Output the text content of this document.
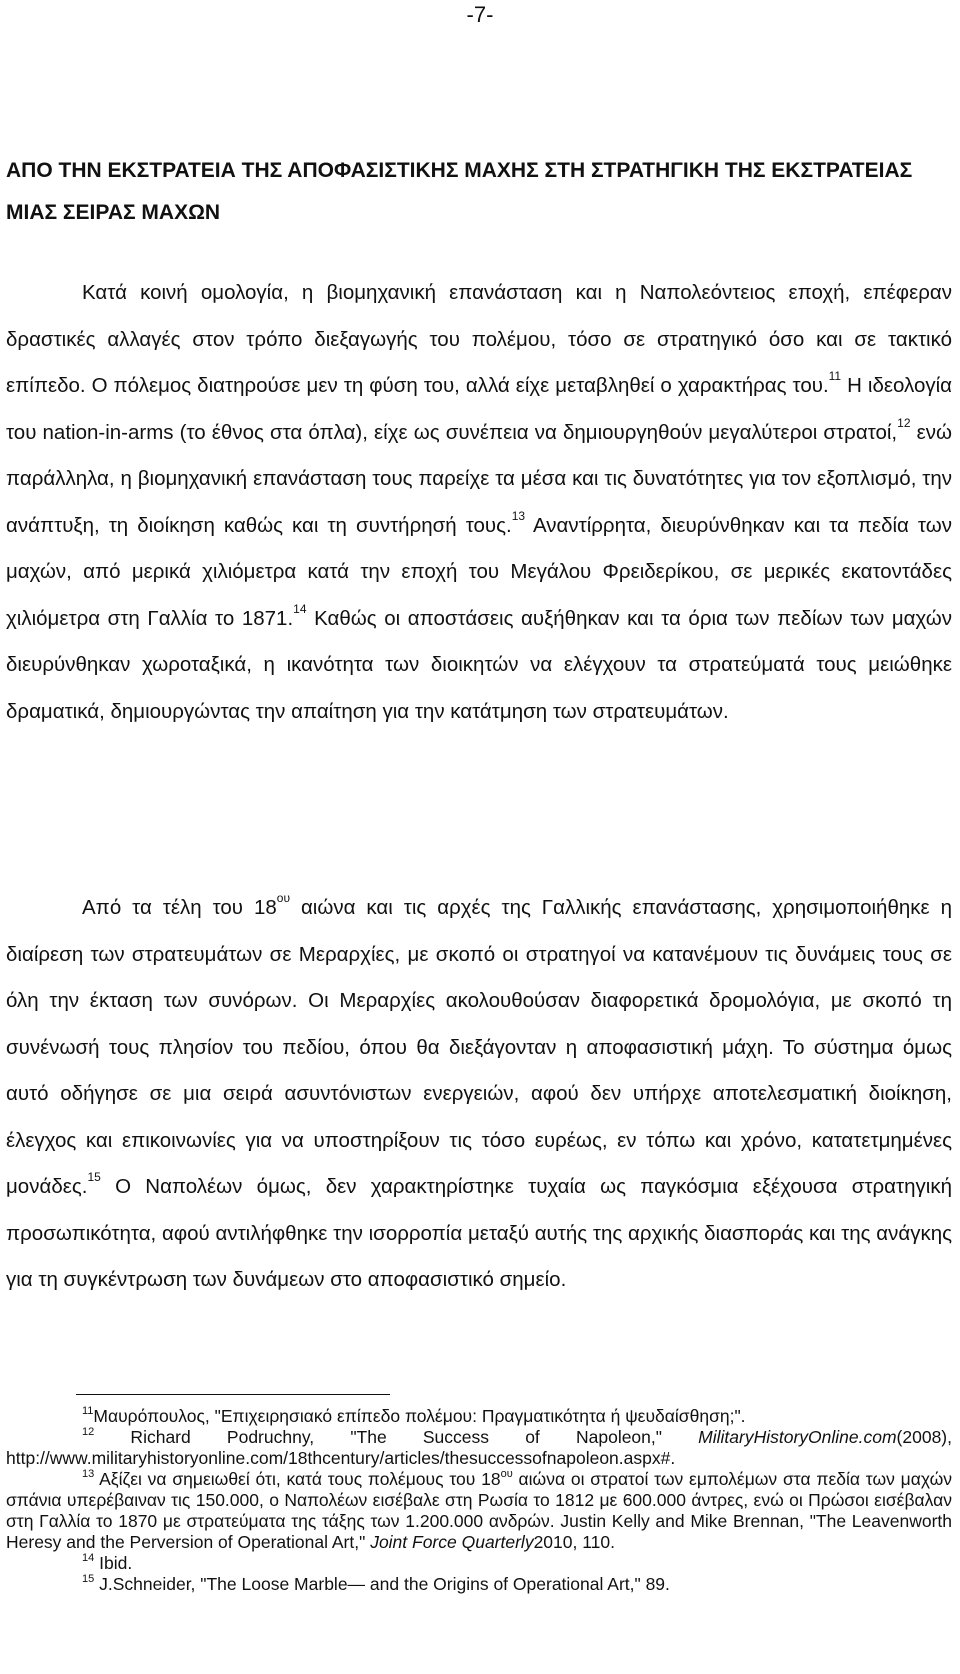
-7-
ΑΠΟ ΤΗΝ ΕΚΣΤΡΑΤΕΙΑ ΤΗΣ ΑΠΟΦΑΣΙΣΤΙΚΗΣ ΜΑΧΗΣ ΣΤΗ ΣΤΡΑΤΗΓΙΚΗ ΤΗΣ ΕΚΣΤΡΑΤΕΙΑΣ ΜΙΑΣ ΣΕΙΡΑΣ ΜΑΧΩΝ

Κατά κοινή ομολογία, η βιομηχανική επανάσταση και η Ναπολεόντειος εποχή, επέφεραν δραστικές αλλαγές στον τρόπο διεξαγωγής του πολέμου, τόσο σε στρατηγικό όσο και σε τακτικό επίπεδο. Ο πόλεμος διατηρούσε μεν τη φύση του, αλλά είχε μεταβληθεί ο χαρακτήρας του.$^{11}$ Η ιδεολογία του nation-in-arms (το έθνος στα όπλα), είχε ως συνέπεια να δημιουργηθούν μεγαλύτεροι στρατοί,$^{12}$ ενώ παράλληλα, η βιομηχανική επανάσταση τους παρείχε τα μέσα και τις δυνατότητες για τον εξοπλισμό, την ανάπτυξη, τη διοίκηση καθώς και τη συντήρησή τους.$^{13}$ Αναντίρρητα, διευρύνθηκαν και τα πεδία των μαχών, από μερικά χιλιόμετρα κατά την εποχή του Μεγάλου Φρειδερίκου, σε μερικές εκατοντάδες χιλιόμετρα στη Γαλλία το 1871.14 Καθώς οι αποστάσεις αυξήθηκαν και τα όρια των πεδίων των μαχών διευρύνθηκαν χωροταξικά, η ικανότητα των διοικητών να ελέγχουν τα στρατεύματά τους μειώθηκε δραματικά, δημιουργώντας την απαίτηση για την κατάτμηση των στρατευμάτων.

Από τα τέλη του $18^{o\upsilon}$ αιώνα και τις αρχές της Γαλλικής επανάστασης, χρησιμοποιήθηκε η διαίρεση των στρατευμάτων σε Μεραρχίες, με σκοπό οι στρατηγοί να κατανέμουν τις δυνάμεις τους σε όλη την έκταση των συνόρων. Οι Μεραρχίες ακολουθούσαν διαφορετικά δρομολόγια, με σκοπό τη συνένωσή τους πλησίον του πεδίου, όπου θα διεξάγονταν η αποφασιστική μάχη. Το σύστημα όμως αυτό οδήγησε σε μια σειρά ασυντόνιστων ενεργειών, αφού δεν υπήρχε αποτελεσματική διοίκηση, έλεγχος και επικοινωνίες για να υποστηρίξουν τις τόσο ευρέως, εν τόπω και χρόνο, κατατετμημένες μονάδες.$^{15}$ Ο Ναπολέων όμως, δεν χαρακτηρίστηκε τυχαία ως παγκόσμια εξέχουσα στρατηγική προσωπικότητα, αφού αντιλήφθηκε την ισορροπία μεταξύ αυτής της αρχικής διασποράς και της ανάγκης για τη συγκέντρωση των δυνάμεων στο αποφασιστικό σημείο.

$^{11}$Μαυρόπουλος, "Επιχειρησιακό επίπεδο πολέμου: Πραγματικότητα ή ψευδαίσθηση;".

$^{12}$ Richard Podruchny, "The Success of Napoleon," MilitaryHistoryOnline.com(2008), http://www.militaryhistoryonline.com/18thcentury/articles/thesuccessofnapoleon.aspx#.

$^{13}$ Αξίζει να σημειωθεί ότι, κατά τους πολέμους του $18^{o\upsilon}$ αιώνα οι στρατοί των εμπολέμων στα πεδία των μαχών σπάνια υπερέβαιναν τις 150.000, ο Ναπολέων εισέβαλε στη Ρωσία το 1812 με 600.000 άντρες, ενώ οι Πρώσοι εισέβαλαν στη Γαλλία το 1870 με στρατεύματα της τάξης των 1.200.000 ανδρών. Justin Kelly and Mike Brennan, "The Leavenworth Heresy and the Perversion of Operational Art," Joint Force Quarterly2010, 110.

$^{14}$ Ibid.

$^{15}$ J.Schneider, "The Loose Marble— and the Origins of Operational Art," 89.
